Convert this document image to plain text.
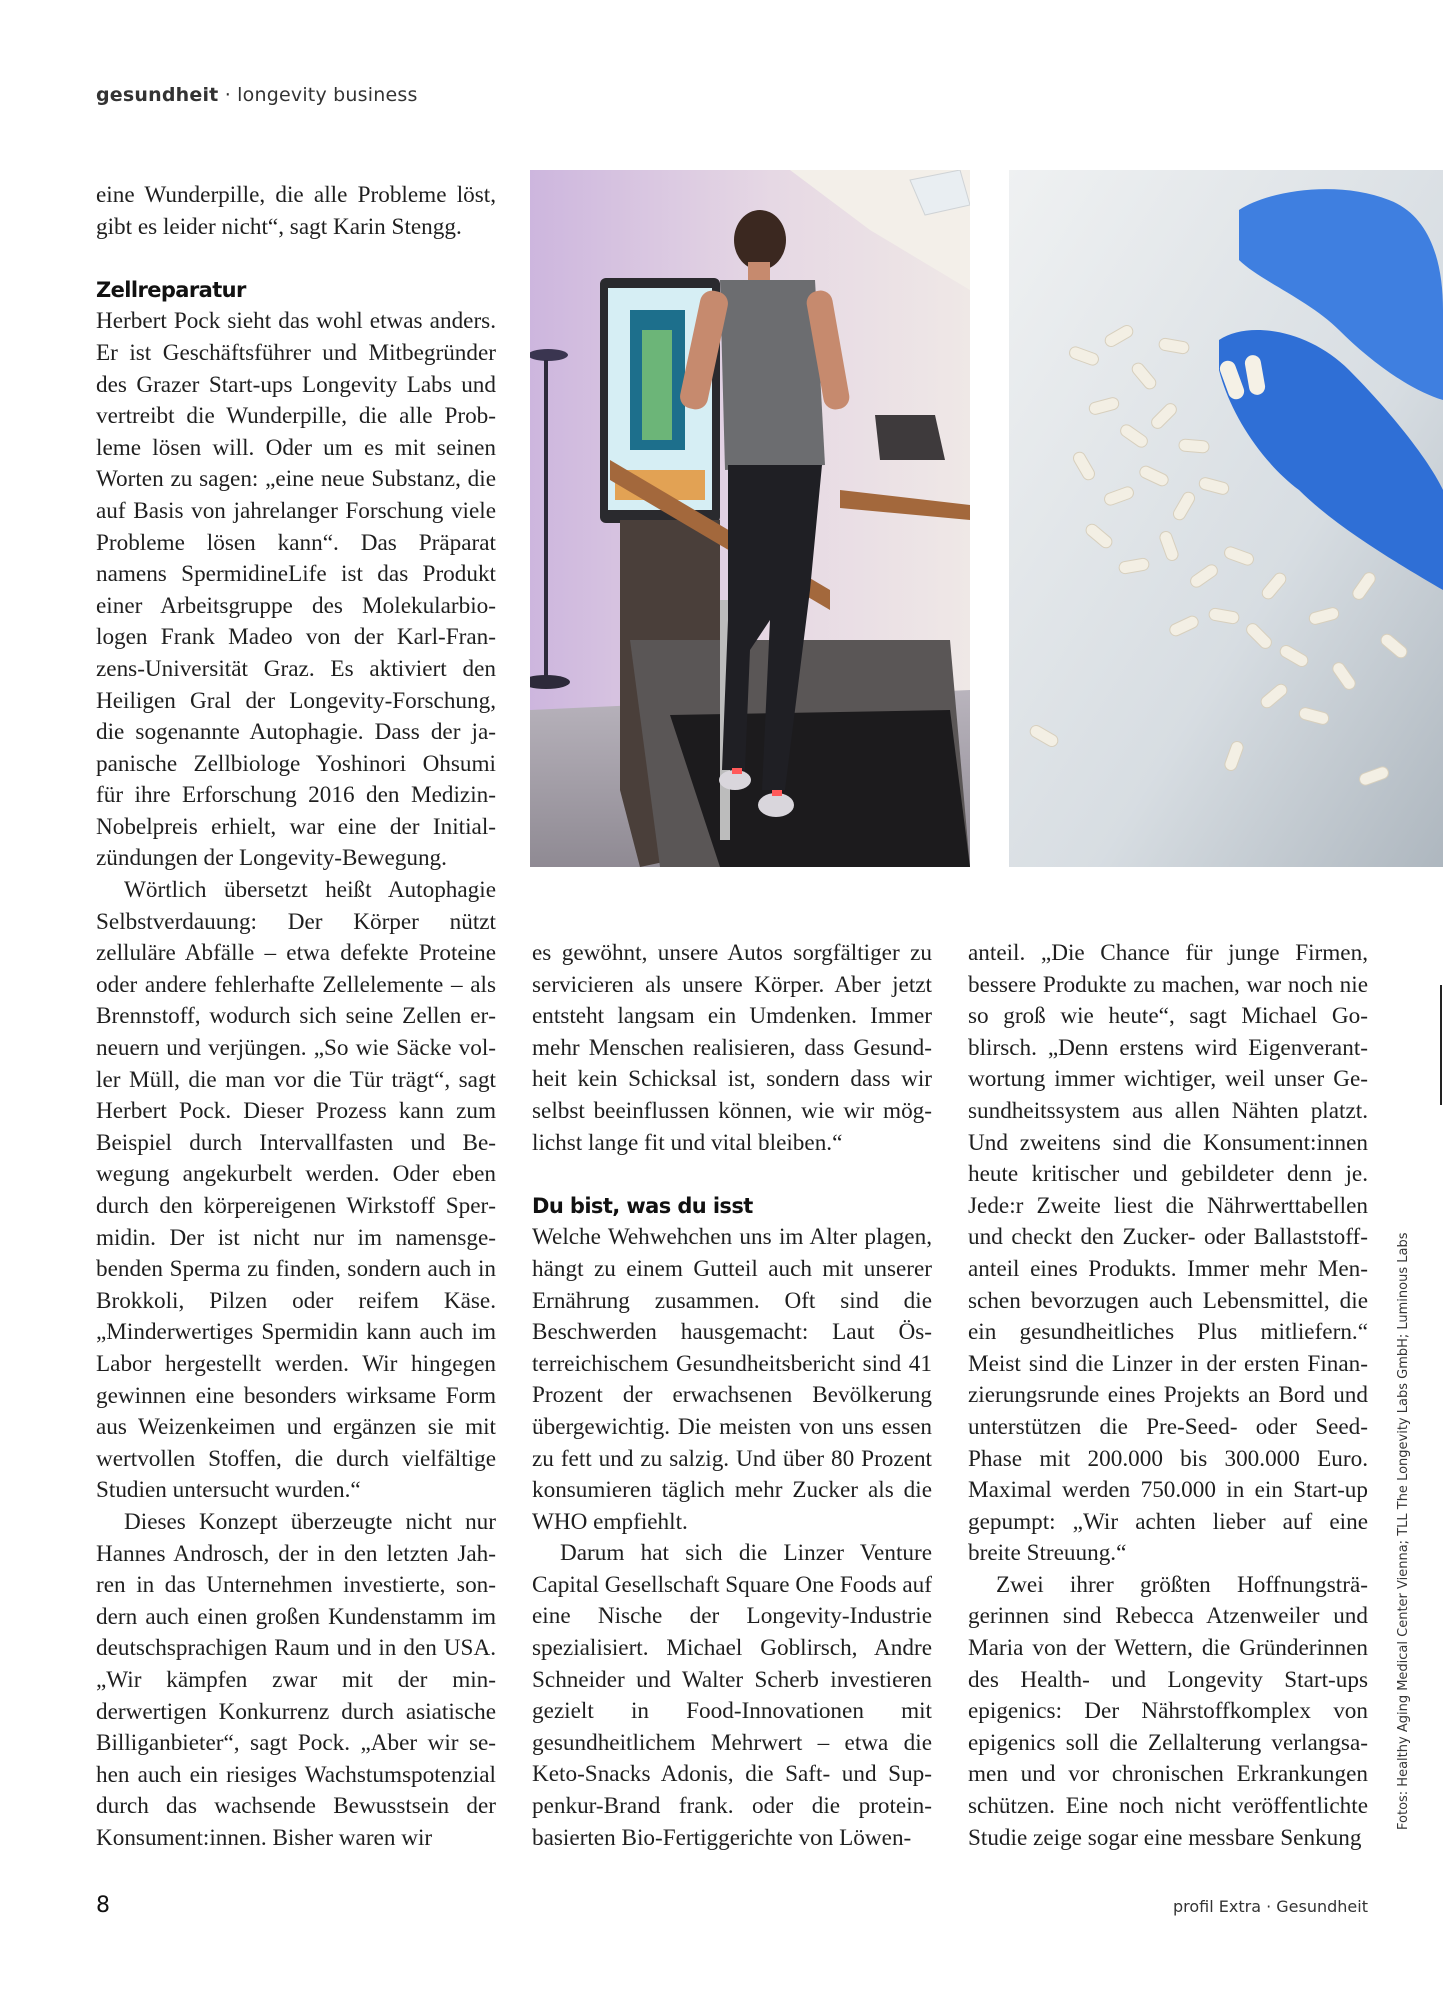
gesundheit · longevity business

eine Wunderpille, die alle Probleme löst, gibt es leider nicht“, sagt Karin Stengg.

Zellreparatur

Herbert Pock sieht das wohl etwas anders. Er ist Geschäftsführer und Mitbegründer des Grazer Start-ups Longevity Labs und vertreibt die Wunderpille, die alle Probleme lösen will. Oder um es mit seinen Worten zu sagen: „eine neue Substanz, die auf Basis von jahrelanger Forschung viele Probleme lösen kann“. Das Präparat namens SpermidineLife ist das Produkt einer Arbeitsgruppe des Molekularbiologen Frank Madeo von der Karl-Franzens-Universität Graz. Es aktiviert den Heiligen Gral der Longevity-Forschung, die sogenannte Autophagie. Dass der japanische Zellbiologe Yoshinori Ohsumi für ihre Erforschung 2016 den Medizin-Nobelpreis erhielt, war eine der Initialzündungen der Longevity-Bewegung.

Wörtlich übersetzt heißt Autophagie Selbstverdauung: Der Körper nützt zelluläre Abfälle – etwa defekte Proteine oder andere fehlerhafte Zellelemente – als Brennstoff, wodurch sich seine Zellen erneuern und verjüngen. „So wie Säcke voller Müll, die man vor die Tür trägt“, sagt Herbert Pock. Dieser Prozess kann zum Beispiel durch Intervallfasten und Bewegung angekurbelt werden. Oder eben durch den körpereigenen Wirkstoff Spermidin. Der ist nicht nur im namensgebenden Sperma zu finden, sondern auch in Brokkoli, Pilzen oder reifem Käse. „Minderwertiges Spermidin kann auch im Labor hergestellt werden. Wir hingegen gewinnen eine besonders wirksame Form aus Weizenkeimen und ergänzen sie mit wertvollen Stoffen, die durch vielfältige Studien untersucht wurden.“

Dieses Konzept überzeugte nicht nur Hannes Androsch, der in den letzten Jahren in das Unternehmen investierte, sondern auch einen großen Kundenstamm im deutschsprachigen Raum und in den USA. „Wir kämpfen zwar mit der minderwertigen Konkurrenz durch asiatische Billiganbieter“, sagt Pock. „Aber wir sehen auch ein riesiges Wachstumspotenzial durch das wachsende Bewusstsein der Konsument:innen. Bisher waren wir

es gewöhnt, unsere Autos sorgfältiger zu servicieren als unsere Körper. Aber jetzt entsteht langsam ein Umdenken. Immer mehr Menschen realisieren, dass Gesundheit kein Schicksal ist, sondern dass wir selbst beeinflussen können, wie wir möglichst lange fit und vital bleiben.“

Du bist, was du isst

Welche Wehwehchen uns im Alter plagen, hängt zu einem Gutteil auch mit unserer Ernährung zusammen. Oft sind die Beschwerden hausgemacht: Laut Österreichischem Gesundheitsbericht sind 41 Prozent der erwachsenen Bevölkerung übergewichtig. Die meisten von uns essen zu fett und zu salzig. Und über 80 Prozent konsumieren täglich mehr Zucker als die WHO empfiehlt.

Darum hat sich die Linzer Venture Capital Gesellschaft Square One Foods auf eine Nische der Longevity-Industrie spezialisiert. Michael Goblirsch, Andre Schneider und Walter Scherb investieren gezielt in Food-Innovationen mit gesundheitlichem Mehrwert – etwa die Keto-Snacks Adonis, die Saft- und Suppenkur-Brand frank. oder die proteinbasierten Bio-Fertiggerichte von Löwen-

anteil. „Die Chance für junge Firmen, bessere Produkte zu machen, war noch nie so groß wie heute“, sagt Michael Goblirsch. „Denn erstens wird Eigenverantwortung immer wichtiger, weil unser Gesundheitssystem aus allen Nähten platzt. Und zweitens sind die Konsument:innen heute kritischer und gebildeter denn je. Jede:r Zweite liest die Nährwerttabellen und checkt den Zucker- oder Ballaststoffanteil eines Produkts. Immer mehr Menschen bevorzugen auch Lebensmittel, die ein gesundheitliches Plus mitliefern.“ Meist sind die Linzer in der ersten Finanzierungsrunde eines Projekts an Bord und unterstützen die Pre-Seed- oder Seed-Phase mit 200.000 bis 300.000 Euro. Maximal werden 750.000 in ein Start-up gepumpt: „Wir achten lieber auf eine breite Streuung.“

Zwei ihrer größten Hoffnungsträgerinnen sind Rebecca Atzenweiler und Maria von der Wettern, die Gründerinnen des Health- und Longevity Start-ups epigenics: Der Nährstoffkomplex von epigenics soll die Zellalterung verlangsamen und vor chronischen Erkrankungen schützen. Eine noch nicht veröffentlichte Studie zeige sogar eine messbare Senkung

Fotos: Healthy Aging Medical Center Vienna; TLL The Longevity Labs GmbH; Luminous Labs
8	profil Extra · Gesundheit
